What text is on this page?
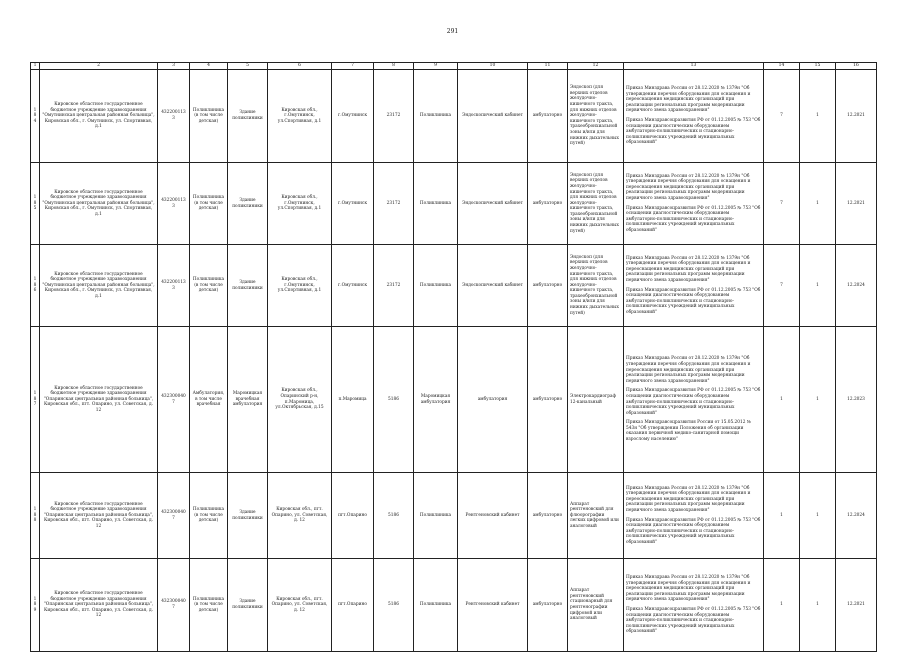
291
1	2	3	4	5	6	7	8	9	10	11	12	13	14	15	16
184	Кировское областное государственное бюджетное учреждение здравоохранения "Омутнинская центральная районная больница", Кировская обл., г. Омутнинск, ул. Спортивная, д.1	4322001133	Поликлиника (в том числе детская)	Здание поликлиники	Кировская обл., г.Омутнинск, ул.Спортивная, д.1	г.Омутнинск	23172	Поликлиника	Эндоскопический кабинет	амбулаторно	Эндоскоп (для верхних отделов желудочно-кишечного тракта, для нижних отделов желудочно-кишечного тракта, трахеобронхиальной зоны и/или для нижних дыхательных путей)	Приказ Минздрава России от 28.12.2020 № 1379н "Об утверждении перечня оборудования для оснащения и переоснащения медицинских организаций при реализации региональных программ модернизации первичного звена здравоохранения"

Приказ Минздравсоцразвития РФ от 01.12.2005 № 753 "Об оснащении диагностическим оборудованием амбулаторно-поликлинических и стационарно-поликлинических учреждений муниципальных образований"	7	1	12.2021
185	Кировское областное государственное бюджетное учреждение здравоохранения "Омутнинская центральная районная больница", Кировская обл., г. Омутнинск, ул. Спортивная, д.1	4322001133	Поликлиника (в том числе детская)	Здание поликлиники	Кировская обл., г.Омутнинск, ул.Спортивная, д.1	г.Омутнинск	23172	Поликлиника	Эндоскопический кабинет	амбулаторно	Эндоскоп (для верхних отделов желудочно-кишечного тракта, для нижних отделов желудочно-кишечного тракта, трахеобронхиальной зоны и/или для нижних дыхательных путей)	Приказ Минздрава России от 28.12.2020 № 1379н "Об утверждении перечня оборудования для оснащения и переоснащения медицинских организаций при реализации региональных программ модернизации первичного звена здравоохранения"

Приказ Минздравсоцразвития РФ от 01.12.2005 № 753 "Об оснащении диагностическим оборудованием амбулаторно-поликлинических и стационарно-поликлинических учреждений муниципальных образований"	7	1	12.2021
186	Кировское областное государственное бюджетное учреждение здравоохранения "Омутнинская центральная районная больница", Кировская обл., г. Омутнинск, ул. Спортивная, д.1	4322001133	Поликлиника (в том числе детская)	Здание поликлиники	Кировская обл., г.Омутнинск, ул.Спортивная, д.1	г.Омутнинск	23172	Поликлиника	Эндоскопический кабинет	амбулаторно	Эндоскоп (для верхних отделов желудочно-кишечного тракта, для нижних отделов желудочно-кишечного тракта, трахеобронхиальной зоны и/или для нижних дыхательных путей)	Приказ Минздрава России от 28.12.2020 № 1379н "Об утверждении перечня оборудования для оснащения и переоснащения медицинских организаций при реализации региональных программ модернизации первичного звена здравоохранения"

Приказ Минздравсоцразвития РФ от 01.12.2005 № 753 "Об оснащении диагностическим оборудованием амбулаторно-поликлинических и стационарно-поликлинических учреждений муниципальных образований"	7	1	12.2024
187	Кировское областное государственное бюджетное учреждение здравоохранения "Опаринская центральная районная больница", Кировская обл., пгт. Опарино, ул. Советская, д. 12	4323000407	Амбулатория, в том числе врачебная	Маромицкая врачебная амбулатория	Кировская обл., Опаринский р-н, п.Маромица, ул.Октябрьская, д.15	п.Маромица	5186	Маромицкая амбулатория	амбулатория	амбулаторно	Электрокардиограф 12-канальный	Приказ Минздрава России от 28.12.2020 № 1379н "Об утверждении перечня оборудования для оснащения и переоснащения медицинских организаций при реализации региональных программ модернизации первичного звена здравоохранения"

Приказ Минздравсоцразвития РФ от 01.12.2005 № 753 "Об оснащении диагностическим оборудованием амбулаторно-поликлинических и стационарно-поликлинических учреждений муниципальных образований"

Приказ Минздравсоцразвития России от 15.05.2012 № 543н "Об утверждении Положения об организации оказания первичной медико-санитарной помощи взрослому населению"	1	1	12.2023
188	Кировское областное государственное бюджетное учреждение здравоохранения "Опаринская центральная районная больница", Кировская обл., пгт. Опарино, ул. Советская, д. 12	4323000407	Поликлиника (в том числе детская)	Здание поликлиники	Кировская обл., пгт. Опарино, ул. Советская, д. 12	пгт.Опарино	5186	Поликлиника	Рентгеновский кабинет	амбулаторно	Аппарат рентгеновский для флюорографии легких цифровой или аналоговый	Приказ Минздрава России от 28.12.2020 № 1379н "Об утверждении перечня оборудования для оснащения и переоснащения медицинских организаций при реализации региональных программ модернизации первичного звена здравоохранения"

Приказ Минздравсоцразвития РФ от 01.12.2005 № 753 "Об оснащении диагностическим оборудованием амбулаторно-поликлинических и стационарно-поликлинических учреждений муниципальных образований"	1	1	12.2024
189	Кировское областное государственное бюджетное учреждение здравоохранения "Опаринская центральная районная больница", Кировская обл., пгт. Опарино, ул. Советская, д. 12	4323000407	Поликлиника (в том числе детская)	Здание поликлиники	Кировская обл., пгт. Опарино, ул. Советская, д. 12	пгт.Опарино	5186	Поликлиника	Рентгеновский кабинет	амбулаторно	Аппарат рентгеновский стационарный для рентгенографии цифровой или аналоговый	Приказ Минздрава России от 28.12.2020 № 1379н "Об утверждении перечня оборудования для оснащения и переоснащения медицинских организаций при реализации региональных программ модернизации первичного звена здравоохранения"

Приказ Минздравсоцразвития РФ от 01.12.2005 № 753 "Об оснащении диагностическим оборудованием амбулаторно-поликлинических и стационарно-поликлинических учреждений муниципальных образований"	1	1	12.2021
